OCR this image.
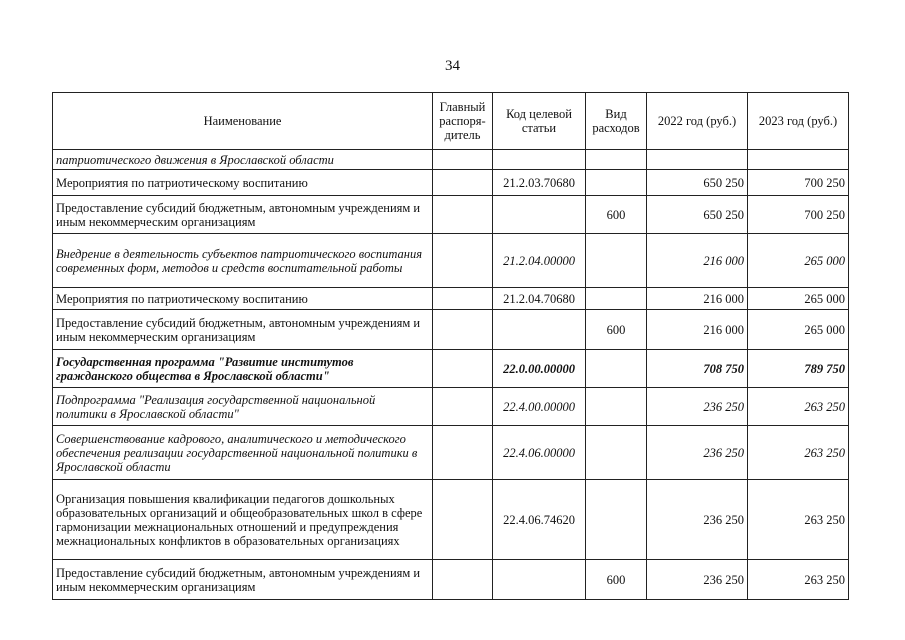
34
Наименование	Главный распоря-дитель	Код целевой статьи	Вид расходов	2022 год (руб.)	2023 год (руб.)
патриотического движения в Ярославской области					
Мероприятия по патриотическому воспитанию		21.2.03.70680		650 250	700 250
Предоставление субсидий бюджетным, автономным учреждениям и иным некоммерческим организациям			600	650 250	700 250
Внедрение в деятельность субъектов патриотического воспитания современных форм, методов и средств воспитательной работы		21.2.04.00000		216 000	265 000
Мероприятия по патриотическому воспитанию		21.2.04.70680		216 000	265 000
Предоставление субсидий бюджетным, автономным учреждениям и иным некоммерческим организациям			600	216 000	265 000
Государственная программа "Развитие институтов гражданского общества в Ярославской области"		22.0.00.00000		708 750	789 750
Подпрограмма "Реализация государственной национальной политики в Ярославской области"		22.4.00.00000		236 250	263 250
Совершенствование кадрового, аналитического и методического обеспечения реализации государственной национальной политики в Ярославской области		22.4.06.00000		236 250	263 250
Организация повышения квалификации педагогов дошкольных образовательных организаций и общеобразовательных школ в сфере гармонизации межнациональных отношений и предупреждения межнациональных конфликтов в образовательных организациях		22.4.06.74620		236 250	263 250
Предоставление субсидий бюджетным, автономным учреждениям и иным некоммерческим организациям			600	236 250	263 250
